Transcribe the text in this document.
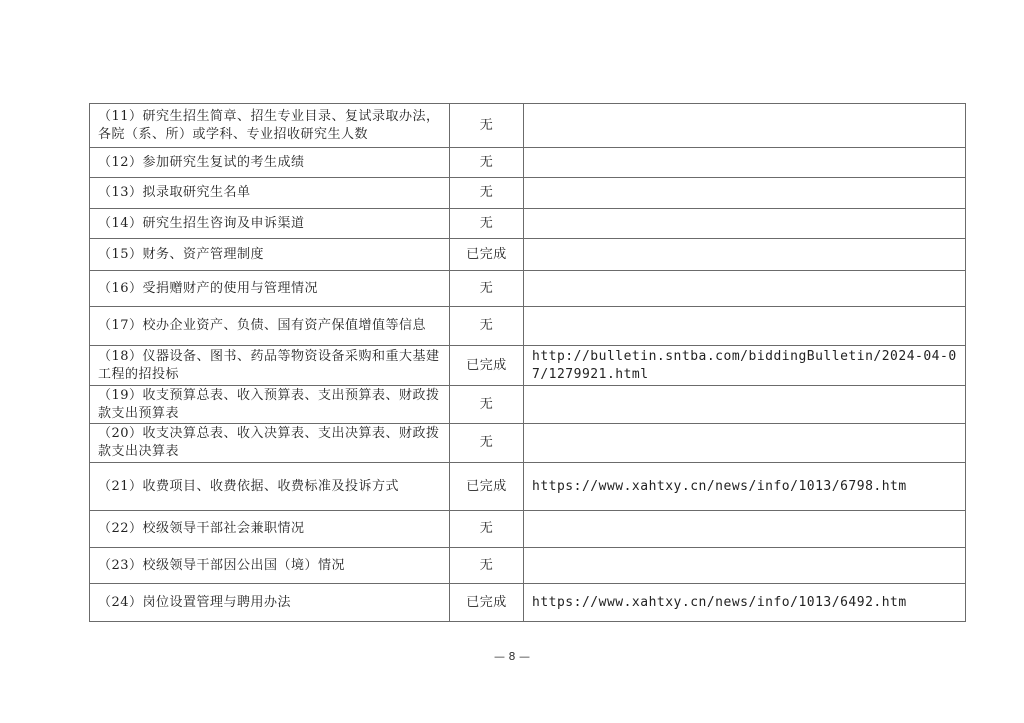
（11）研究生招生简章、招生专业目录、复试录取办法，各院（系、所）或学科、专业招收研究生人数	无	
（12）参加研究生复试的考生成绩	无	
（13）拟录取研究生名单	无	
（14）研究生招生咨询及申诉渠道	无	
（15）财务、资产管理制度	已完成	
（16）受捐赠财产的使用与管理情况	无	
（17）校办企业资产、负债、国有资产保值增值等信息	无	
（18）仪器设备、图书、药品等物资设备采购和重大基建工程的招投标	已完成	http://bulletin.sntba.com/biddingBulletin/2024-04-07/1279921.html
（19）收支预算总表、收入预算表、支出预算表、财政拨款支出预算表	无	
（20）收支决算总表、收入决算表、支出决算表、财政拨款支出决算表	无	
（21）收费项目、收费依据、收费标准及投诉方式	已完成	https://www.xahtxy.cn/news/info/1013/6798.htm
（22）校级领导干部社会兼职情况	无	
（23）校级领导干部因公出国（境）情况	无	
（24）岗位设置管理与聘用办法	已完成	https://www.xahtxy.cn/news/info/1013/6492.htm
— 8 —
